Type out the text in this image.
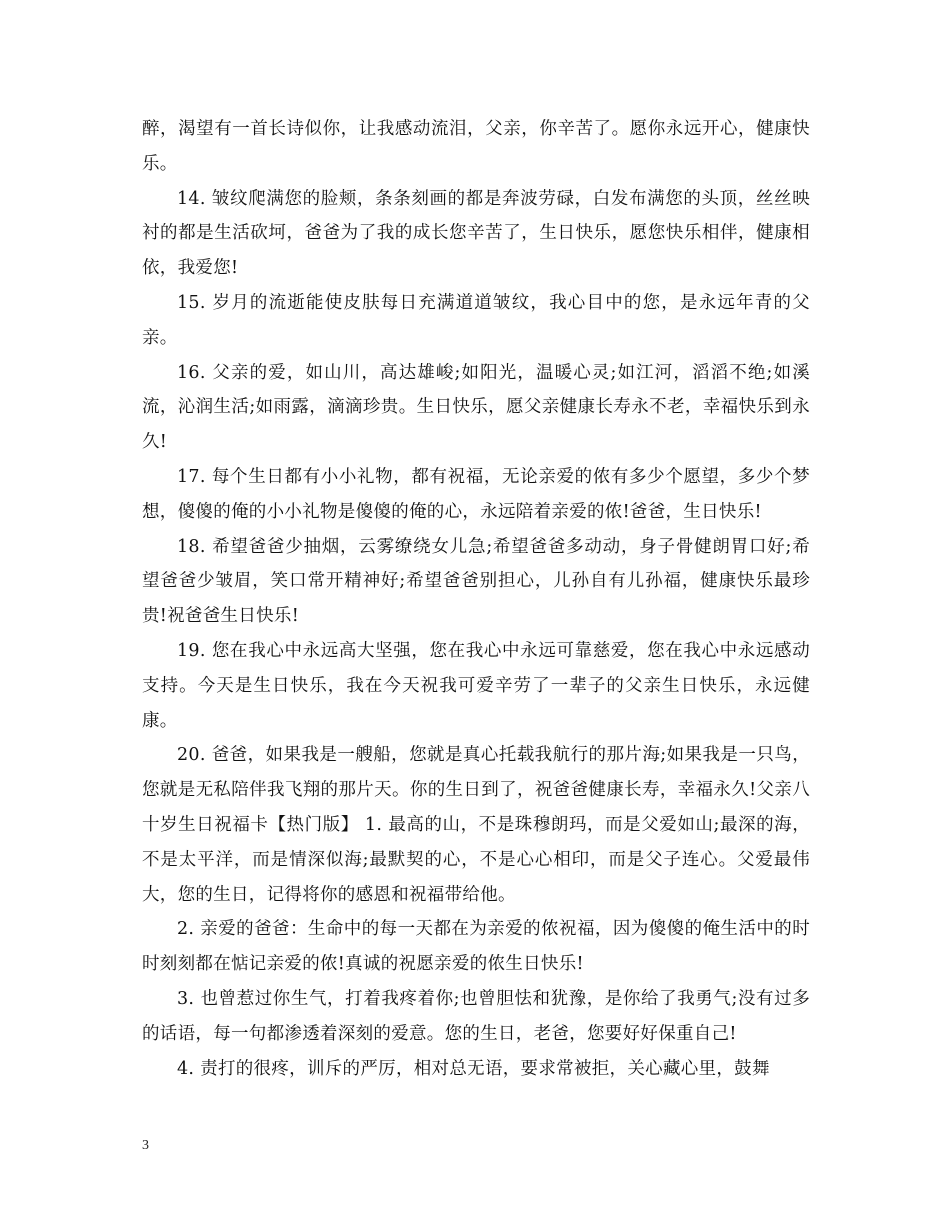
醉，渴望有一首长诗似你，让我感动流泪，父亲，你辛苦了。愿你永远开心，健康快乐。

14. 皱纹爬满您的脸颊，条条刻画的都是奔波劳碌，白发布满您的头顶，丝丝映衬的都是生活砍坷，爸爸为了我的成长您辛苦了，生日快乐，愿您快乐相伴，健康相依，我爱您!

15. 岁月的流逝能使皮肤每日充满道道皱纹，我心目中的您，是永远年青的父亲。

16. 父亲的爱，如山川，高达雄峻;如阳光，温暖心灵;如江河，滔滔不绝;如溪流，沁润生活;如雨露，滴滴珍贵。生日快乐，愿父亲健康长寿永不老，幸福快乐到永久!

17. 每个生日都有小小礼物，都有祝福，无论亲爱的侬有多少个愿望，多少个梦想，傻傻的俺的小小礼物是傻傻的俺的心，永远陪着亲爱的侬!爸爸，生日快乐!

18. 希望爸爸少抽烟，云雾缭绕女儿急;希望爸爸多动动，身子骨健朗胃口好;希望爸爸少皱眉，笑口常开精神好;希望爸爸别担心，儿孙自有儿孙福，健康快乐最珍贵!祝爸爸生日快乐!

19. 您在我心中永远高大坚强，您在我心中永远可靠慈爱，您在我心中永远感动支持。今天是生日快乐，我在今天祝我可爱辛劳了一辈子的父亲生日快乐，永远健康。

20. 爸爸，如果我是一艘船，您就是真心托载我航行的那片海;如果我是一只鸟，您就是无私陪伴我飞翔的那片天。你的生日到了，祝爸爸健康长寿，幸福永久!父亲八十岁生日祝福卡【热门版】 1. 最高的山，不是珠穆朗玛，而是父爱如山;最深的海，不是太平洋，而是情深似海;最默契的心，不是心心相印，而是父子连心。父爱最伟大，您的生日，记得将你的感恩和祝福带给他。

2. 亲爱的爸爸：生命中的每一天都在为亲爱的侬祝福，因为傻傻的俺生活中的时时刻刻都在惦记亲爱的侬!真诚的祝愿亲爱的侬生日快乐!

3. 也曾惹过你生气，打着我疼着你;也曾胆怯和犹豫，是你给了我勇气;没有过多的话语，每一句都渗透着深刻的爱意。您的生日，老爸，您要好好保重自己!

4. 责打的很疼，训斥的严厉，相对总无语，要求常被拒，关心藏心里，鼓舞

3
